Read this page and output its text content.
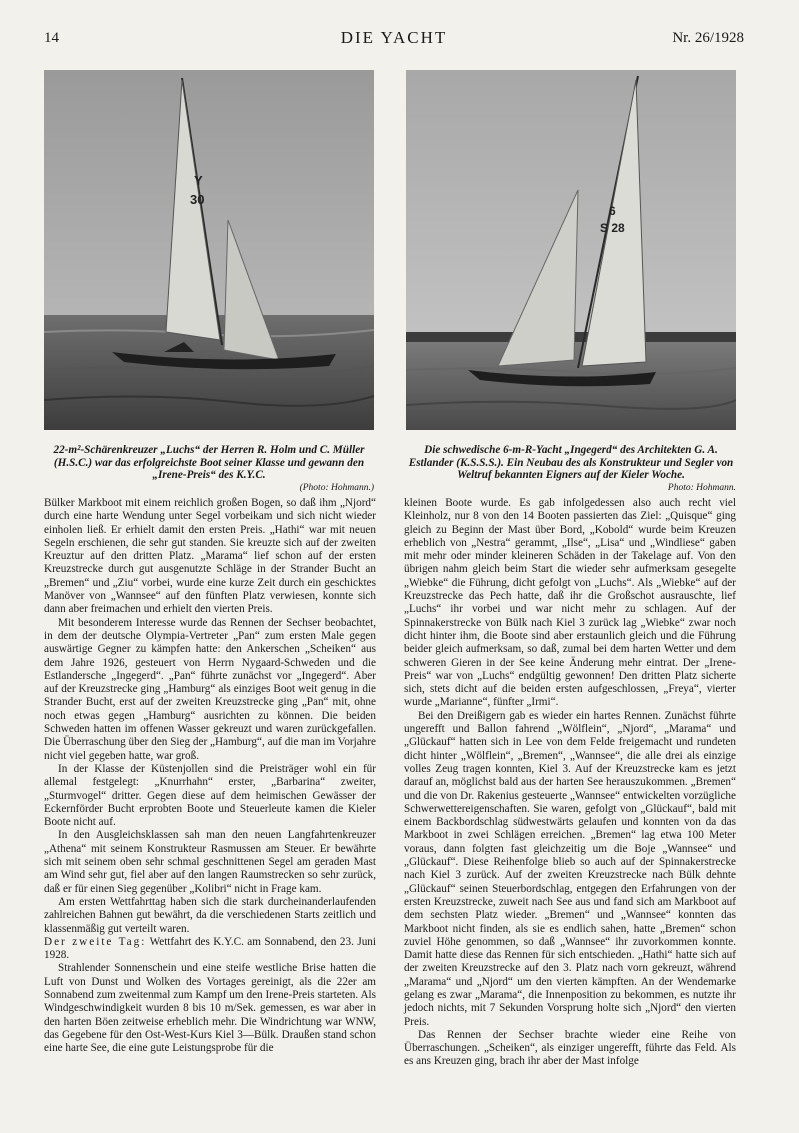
14	DIE YACHT	Nr. 26/1928
Y
30
6
S 28
22-m²-Schärenkreuzer „Luchs“ der Herren R. Holm und C. Müller (H.S.C.) war das erfolgreichste Boot seiner Klasse und gewann den „Irene-Preis“ des K.Y.C.
(Photo: Hohmann.)
Die schwedische 6-m-R-Yacht „Ingegerd“ des Architekten G. A. Estlander (K.S.S.S.). Ein Neubau des als Konstrukteur und Segler von Weltruf bekannten Eigners auf der Kieler Woche.
Photo: Hohmann.

Bülker Markboot mit einem reichlich großen Bogen, so daß ihm „Njord“ durch eine harte Wendung unter Segel vorbeikam und sich nicht wieder einholen ließ. Er erhielt damit den ersten Preis. „Hathi“ war mit neuen Segeln erschienen, die sehr gut standen. Sie kreuzte sich auf der zweiten Kreuztur auf den dritten Platz. „Marama“ lief schon auf der ersten Kreuzstrecke durch gut ausgenutzte Schläge in der Strander Bucht an „Bremen“ und „Ziu“ vorbei, wurde eine kurze Zeit durch ein geschicktes Manöver von „Wannsee“ auf den fünften Platz verwiesen, konnte sich dann aber freimachen und erhielt den vierten Preis.

Mit besonderem Interesse wurde das Rennen der Sechser beobachtet, in dem der deutsche Olympia-Vertreter „Pan“ zum ersten Male gegen auswärtige Gegner zu kämpfen hatte: den Ankerschen „Scheiken“ aus dem Jahre 1926, gesteuert von Herrn Nygaard-Schweden und die Estlandersche „Ingegerd“. „Pan“ führte zunächst vor „Ingegerd“. Aber auf der Kreuzstrecke ging „Hamburg“ als einziges Boot weit genug in die Strander Bucht, erst auf der zweiten Kreuzstrecke ging „Pan“ mit, ohne noch etwas gegen „Hamburg“ ausrichten zu können. Die beiden Schweden hatten im offenen Wasser gekreuzt und waren zurückgefallen. Die Überraschung über den Sieg der „Hamburg“, auf die man im Vorjahre nicht viel gegeben hatte, war groß.

In der Klasse der Küstenjollen sind die Preisträger wohl ein für allemal festgelegt: „Knurrhahn“ erster, „Barbarina“ zweiter, „Sturmvogel“ dritter. Gegen diese auf dem heimischen Gewässer der Eckernförder Bucht erprobten Boote und Steuerleute kamen die Kieler Boote nicht auf.

In den Ausgleichsklassen sah man den neuen Langfahrtenkreuzer „Athena“ mit seinem Konstrukteur Rasmussen am Steuer. Er bewährte sich mit seinem oben sehr schmal geschnittenen Segel am geraden Mast am Wind sehr gut, fiel aber auf den langen Raumstrecken so sehr zurück, daß er für einen Sieg gegenüber „Kolibri“ nicht in Frage kam.

Am ersten Wettfahrttag haben sich die stark durcheinanderlaufenden zahlreichen Bahnen gut bewährt, da die verschiedenen Starts zeitlich und klassenmäßig gut verteilt waren.

Der zweite Tag: Wettfahrt des K.Y.C. am Sonnabend, den 23. Juni 1928.

Strahlender Sonnenschein und eine steife westliche Brise hatten die Luft von Dunst und Wolken des Vortages gereinigt, als die 22er am Sonnabend zum zweitenmal zum Kampf um den Irene-Preis starteten. Als Windgeschwindigkeit wurden 8 bis 10 m/Sek. gemessen, es war aber in den harten Böen zeitweise erheblich mehr. Die Windrichtung war WNW, das Gegebene für den Ost-West-Kurs Kiel 3—Bülk. Draußen stand schon eine harte See, die eine gute Leistungsprobe für die

kleinen Boote wurde. Es gab infolgedessen also auch recht viel Kleinholz, nur 8 von den 14 Booten passierten das Ziel: „Quisque“ ging gleich zu Beginn der Mast über Bord, „Kobold“ wurde beim Kreuzen erheblich von „Nestra“ gerammt, „Ilse“, „Lisa“ und „Windliese“ gaben mit mehr oder minder kleineren Schäden in der Takelage auf. Von den übrigen nahm gleich beim Start die wieder sehr aufmerksam gesegelte „Wiebke“ die Führung, dicht gefolgt von „Luchs“. Als „Wiebke“ auf der Kreuzstrecke das Pech hatte, daß ihr die Großschot ausrauschte, lief „Luchs“ ihr vorbei und war nicht mehr zu schlagen. Auf der Spinnakerstrecke von Bülk nach Kiel 3 zurück lag „Wiebke“ zwar noch dicht hinter ihm, die Boote sind aber erstaunlich gleich und die Führung beider gleich aufmerksam, so daß, zumal bei dem harten Wetter und dem schweren Gieren in der See keine Änderung mehr eintrat. Der „Irene-Preis“ war von „Luchs“ endgültig gewonnen! Den dritten Platz sicherte sich, stets dicht auf die beiden ersten aufgeschlossen, „Freya“, vierter wurde „Marianne“, fünfter „Irmi“.

Bei den Dreißigern gab es wieder ein hartes Rennen. Zunächst führte ungerefft und Ballon fahrend „Wölflein“, „Njord“, „Marama“ und „Glückauf“ hatten sich in Lee von dem Felde freigemacht und rundeten dicht hinter „Wölflein“, „Bremen“, „Wannsee“, die alle drei als einzige volles Zeug tragen konnten, Kiel 3. Auf der Kreuzstrecke kam es jetzt darauf an, möglichst bald aus der harten See herauszukommen. „Bremen“ und die von Dr. Rakenius gesteuerte „Wannsee“ entwickelten vorzügliche Schwerwettereigenschaften. Sie waren, gefolgt von „Glückauf“, bald mit einem Backbordschlag südwestwärts gelaufen und konnten von da das Markboot in zwei Schlägen erreichen. „Bremen“ lag etwa 100 Meter voraus, dann folgten fast gleichzeitig um die Boje „Wannsee“ und „Glückauf“. Diese Reihenfolge blieb so auch auf der Spinnakerstrecke nach Kiel 3 zurück. Auf der zweiten Kreuzstrecke nach Bülk dehnte „Glückauf“ seinen Steuerbordschlag, entgegen den Erfahrungen von der ersten Kreuzstrecke, zuweit nach See aus und fand sich am Markboot auf dem sechsten Platz wieder. „Bremen“ und „Wannsee“ konnten das Markboot nicht finden, als sie es endlich sahen, hatte „Bremen“ schon zuviel Höhe genommen, so daß „Wannsee“ ihr zuvorkommen konnte. Damit hatte diese das Rennen für sich entschieden. „Hathi“ hatte sich auf der zweiten Kreuzstrecke auf den 3. Platz nach vorn gekreuzt, während „Marama“ und „Njord“ um den vierten kämpften. An der Wendemarke gelang es zwar „Marama“, die Innenposition zu bekommen, es nutzte ihr jedoch nichts, mit 7 Sekunden Vorsprung holte sich „Njord“ den vierten Preis.

Das Rennen der Sechser brachte wieder eine Reihe von Überraschungen. „Scheiken“, als einziger ungerefft, führte das Feld. Als es ans Kreuzen ging, brach ihr aber der Mast infolge
